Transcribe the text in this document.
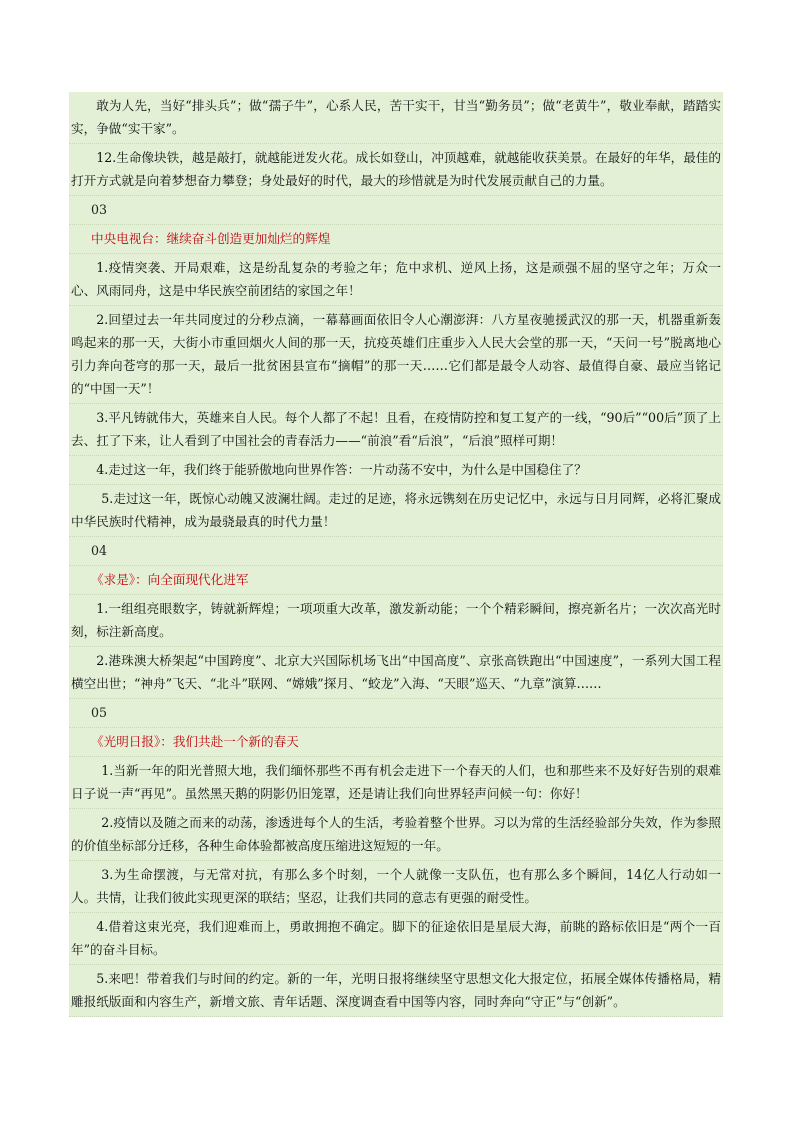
敢为人先，当好“排头兵”；做“孺子牛”，心系人民，苦干实干，甘当“勤务员”；做“老黄牛”，敬业奉献，踏踏实实，争做“实干家”。
12.生命像块铁，越是敲打，就越能迸发火花。成长如登山，冲顶越难，就越能收获美景。在最好的年华，最佳的打开方式就是向着梦想奋力攀登；身处最好的时代，最大的珍惜就是为时代发展贡献自己的力量。
03
中央电视台：继续奋斗创造更加灿烂的辉煌
1.疫情突袭、开局艰难，这是纷乱复杂的考验之年；危中求机、逆风上扬，这是顽强不屈的坚守之年；万众一心、风雨同舟，这是中华民族空前团结的家国之年！
2.回望过去一年共同度过的分秒点滴，一幕幕画面依旧令人心潮澎湃：八方星夜驰援武汉的那一天，机器重新轰鸣起来的那一天，大街小市重回烟火人间的那一天，抗疫英雄们庄重步入人民大会堂的那一天，“天问一号”脱离地心引力奔向苍穹的那一天，最后一批贫困县宣布“摘帽”的那一天……它们都是最令人动容、最值得自豪、最应当铭记的“中国一天”！
3.平凡铸就伟大，英雄来自人民。每个人都了不起！且看，在疫情防控和复工复产的一线，“90后”“00后”顶了上去、扛了下来，让人看到了中国社会的青春活力——“前浪”看“后浪”，“后浪”照样可期！
4.走过这一年，我们终于能骄傲地向世界作答：一片动荡不安中，为什么是中国稳住了？
5.走过这一年，既惊心动魄又波澜壮阔。走过的足迹，将永远镌刻在历史记忆中，永远与日月同辉，必将汇聚成中华民族时代精神，成为最骁最真的时代力量！
04
《求是》：向全面现代化进军
1.一组组亮眼数字，铸就新辉煌；一项项重大改革，激发新动能；一个个精彩瞬间，擦亮新名片；一次次高光时刻，标注新高度。
2.港珠澳大桥架起“中国跨度”、北京大兴国际机场飞出“中国高度”、京张高铁跑出“中国速度”，一系列大国工程横空出世；“神舟”飞天、“北斗”联网、“嫦娥”探月、“蛟龙”入海、“天眼”巡天、“九章”演算……
05
《光明日报》：我们共赴一个新的春天
1.当新一年的阳光普照大地，我们缅怀那些不再有机会走进下一个春天的人们，也和那些来不及好好告别的艰难日子说一声“再见”。虽然黑天鹅的阴影仍旧笼罩，还是请让我们向世界轻声问候一句：你好！
2.疫情以及随之而来的动荡，渗透进每个人的生活，考验着整个世界。习以为常的生活经验部分失效，作为参照的价值坐标部分迁移，各种生命体验都被高度压缩进这短短的一年。
3.为生命摆渡，与无常对抗，有那么多个时刻，一个人就像一支队伍，也有那么多个瞬间，14亿人行动如一人。共情，让我们彼此实现更深的联结；坚忍，让我们共同的意志有更强的耐受性。
4.借着这束光亮，我们迎难而上，勇敢拥抱不确定。脚下的征途依旧是星辰大海，前眺的路标依旧是“两个一百年”的奋斗目标。
5.来吧！带着我们与时间的约定。新的一年，光明日报将继续坚守思想文化大报定位，拓展全媒体传播格局，精雕报纸版面和内容生产，新增文旅、青年话题、深度调查看中国等内容，同时奔向“守正”与“创新”。
